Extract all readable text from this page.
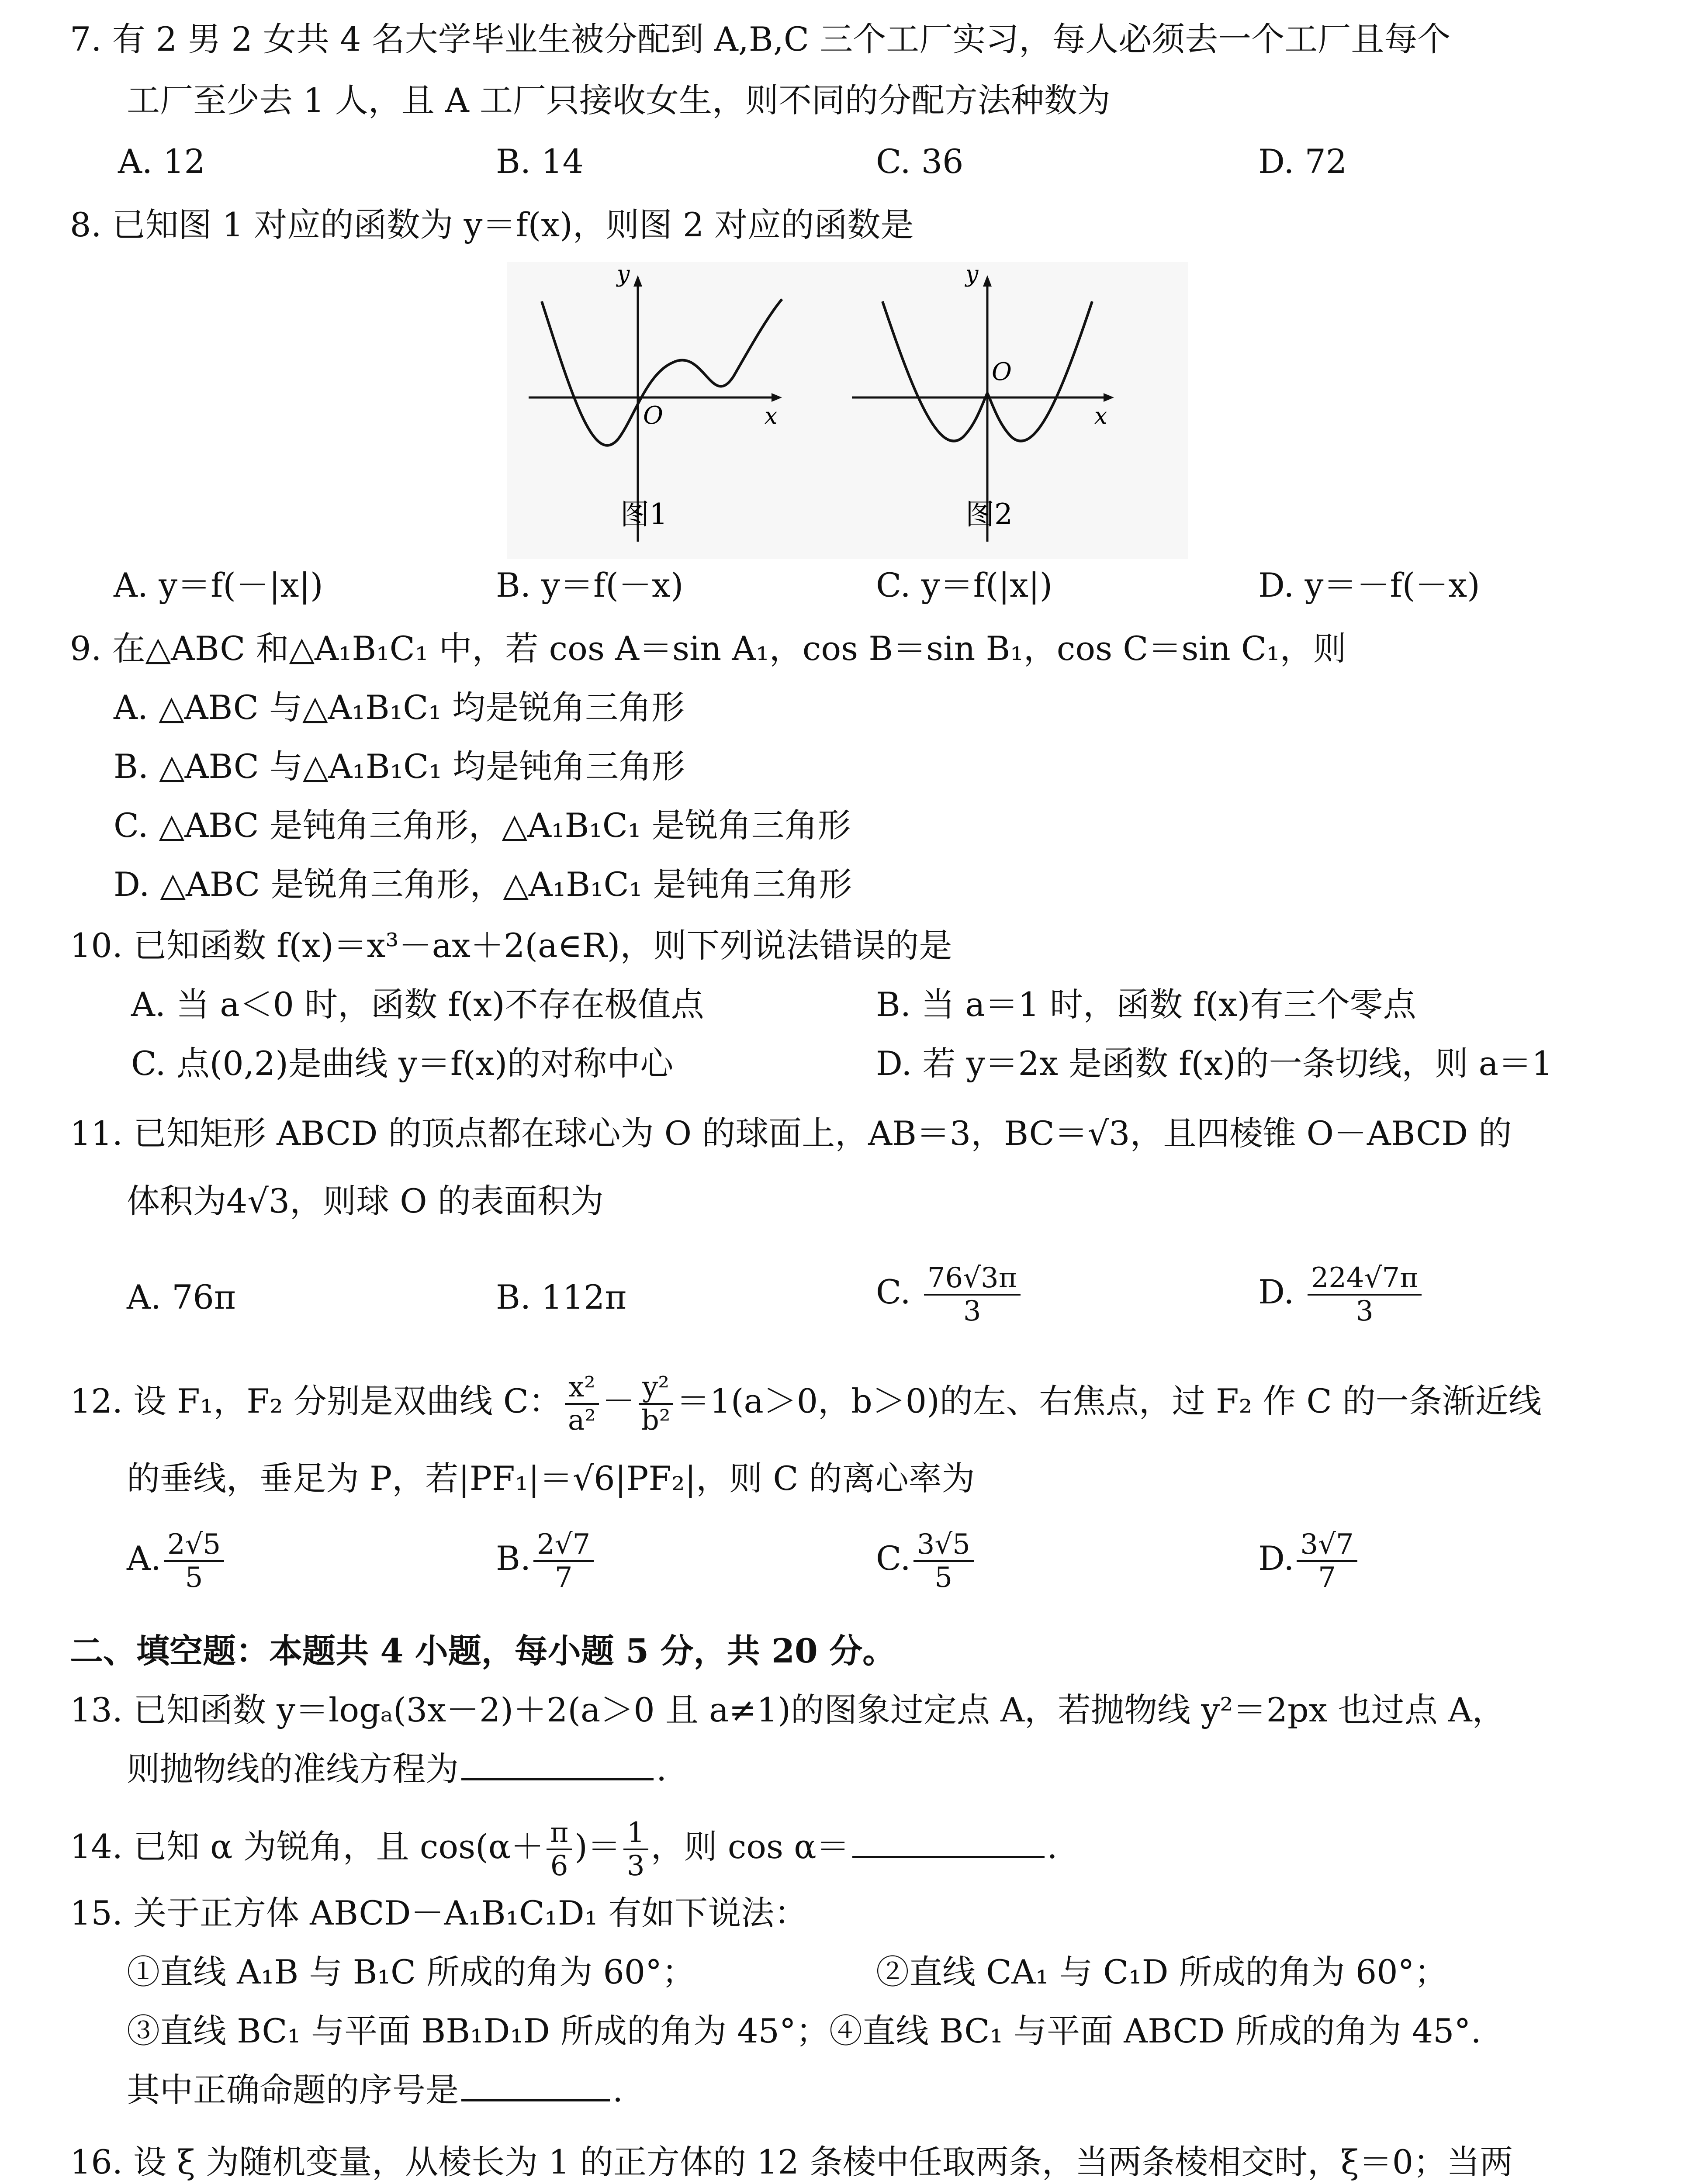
7. 有 2 男 2 女共 4 名大学毕业生被分配到 A,B,C 三个工厂实习，每人必须去一个工厂且每个
工厂至少去 1 人，且 A 工厂只接收女生，则不同的分配方法种数为
A. 12	B. 14	C. 36	D. 72
8. 已知图 1 对应的函数为 y＝f(x)，则图 2 对应的函数是
y
x
O
图1
y
x
O
图2
A. y＝f(－|x|)	B. y＝f(－x)	C. y＝f(|x|)	D. y＝－f(－x)
9. 在△ABC 和△A₁B₁C₁ 中，若 cos A＝sin A₁，cos B＝sin B₁，cos C＝sin C₁，则
A. △ABC 与△A₁B₁C₁ 均是锐角三角形
B. △ABC 与△A₁B₁C₁ 均是钝角三角形
C. △ABC 是钝角三角形，△A₁B₁C₁ 是锐角三角形
D. △ABC 是锐角三角形，△A₁B₁C₁ 是钝角三角形
10. 已知函数 f(x)＝x³－ax＋2(a∈R)，则下列说法错误的是
A. 当 a＜0 时，函数 f(x)不存在极值点	B. 当 a＝1 时，函数 f(x)有三个零点
C. 点(0,2)是曲线 y＝f(x)的对称中心	D. 若 y＝2x 是函数 f(x)的一条切线，则 a＝1
11. 已知矩形 ABCD 的顶点都在球心为 O 的球面上，AB＝3，BC＝√3，且四棱锥 O－ABCD 的
体积为4√3，则球 O 的表面积为
A. 76π	B. 112π	C. $\frac{76√3\pi}{3}$	D. $\frac{224√7\pi}{3}$
12. 设 F₁，F₂ 分别是双曲线 C： $\frac{\text{x²}}{\text{a²}} - \frac{\text{y²}}{\text{b²}} =1(a>0$，b＞0)的左、右焦点，过 F₂ 作 C 的一条渐近线
的垂线，垂足为 P，若|PF₁|＝√6|PF₂|，则 C 的离心率为
A. $\frac{2√5}{5}$	B. $\frac{2√7}{7}$	C. $\frac{3√5}{5}$	D. $\frac{3√7}{7}$
二、填空题：本题共 4 小题，每小题 5 分，共 20 分。
13. 已知函数 y＝logₐ(3x－2)＋2(a＞0 且 a≠1)的图象过定点 A，若抛物线 y²＝2px 也过点 A，
则抛物线的准线方程为	.
14. 已知 α 为锐角，且 $\cos(\alpha+ \frac{\pi}{6}$ )＝ $\frac{1}{3}$ ，则 cos α＝	.
15. 关于正方体 ABCD－A₁B₁C₁D₁ 有如下说法：
①直线 A₁B 与 B₁C 所成的角为 60°；	②直线 CA₁ 与 C₁D 所成的角为 60°；
③直线 BC₁ 与平面 BB₁D₁D 所成的角为 45°；④直线 BC₁ 与平面 ABCD 所成的角为 45°.
其中正确命题的序号是	.
16. 设 ξ 为随机变量，从棱长为 1 的正方体的 12 条棱中任取两条，当两条棱相交时，ξ＝0；当两
